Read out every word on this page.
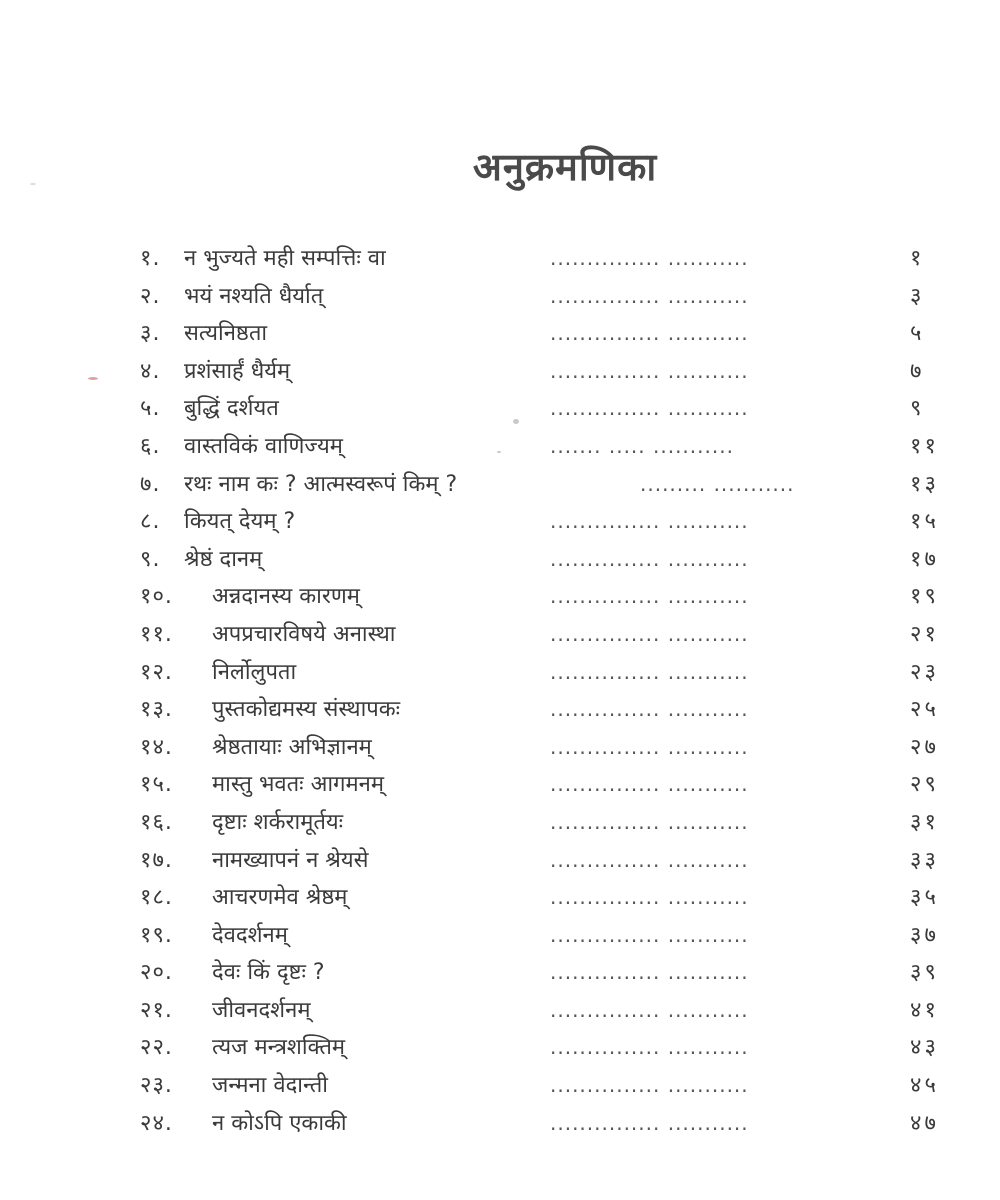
अनुक्रमणिका
१. न भुज्यते मही सम्पत्तिः वा	............... ...........	१
२. भयं नश्यति धैर्यात्	............... ...........	३
३. सत्यनिष्ठता	............... ...........	५
४. प्रशंसार्हं धैर्यम्	............... ...........	७
५. बुद्धिं दर्शयत	............... ...........	९
६. वास्तविकं वाणिज्यम्	....... ..... ...........	११
७. रथः नाम कः ? आत्मस्वरूपं किम् ?	......... ...........	१३
८. कियत् देयम् ?	............... ...........	१५
९. श्रेष्ठं दानम्	............... ...........	१७
१०. अन्नदानस्य कारणम्	............... ...........	१९
११. अपप्रचारविषये अनास्था	............... ...........	२१
१२. निर्लोलुपता	............... ...........	२३
१३. पुस्तकोद्यमस्य संस्थापकः	............... ...........	२५
१४. श्रेष्ठतायाः अभिज्ञानम्	............... ...........	२७
१५. मास्तु भवतः आगमनम्	............... ...........	२९
१६. दृष्टाः शर्करामूर्तयः	............... ...........	३१
१७. नामख्यापनं न श्रेयसे	............... ...........	३३
१८. आचरणमेव श्रेष्ठम्	............... ...........	३५
१९. देवदर्शनम्	............... ...........	३७
२०. देवः किं दृष्टः ?	............... ...........	३९
२१. जीवनदर्शनम्	............... ...........	४१
२२. त्यज मन्त्रशक्तिम्	............... ...........	४३
२३. जन्मना वेदान्ती	............... ...........	४५
२४. न कोऽपि एकाकी	............... ...........	४७
